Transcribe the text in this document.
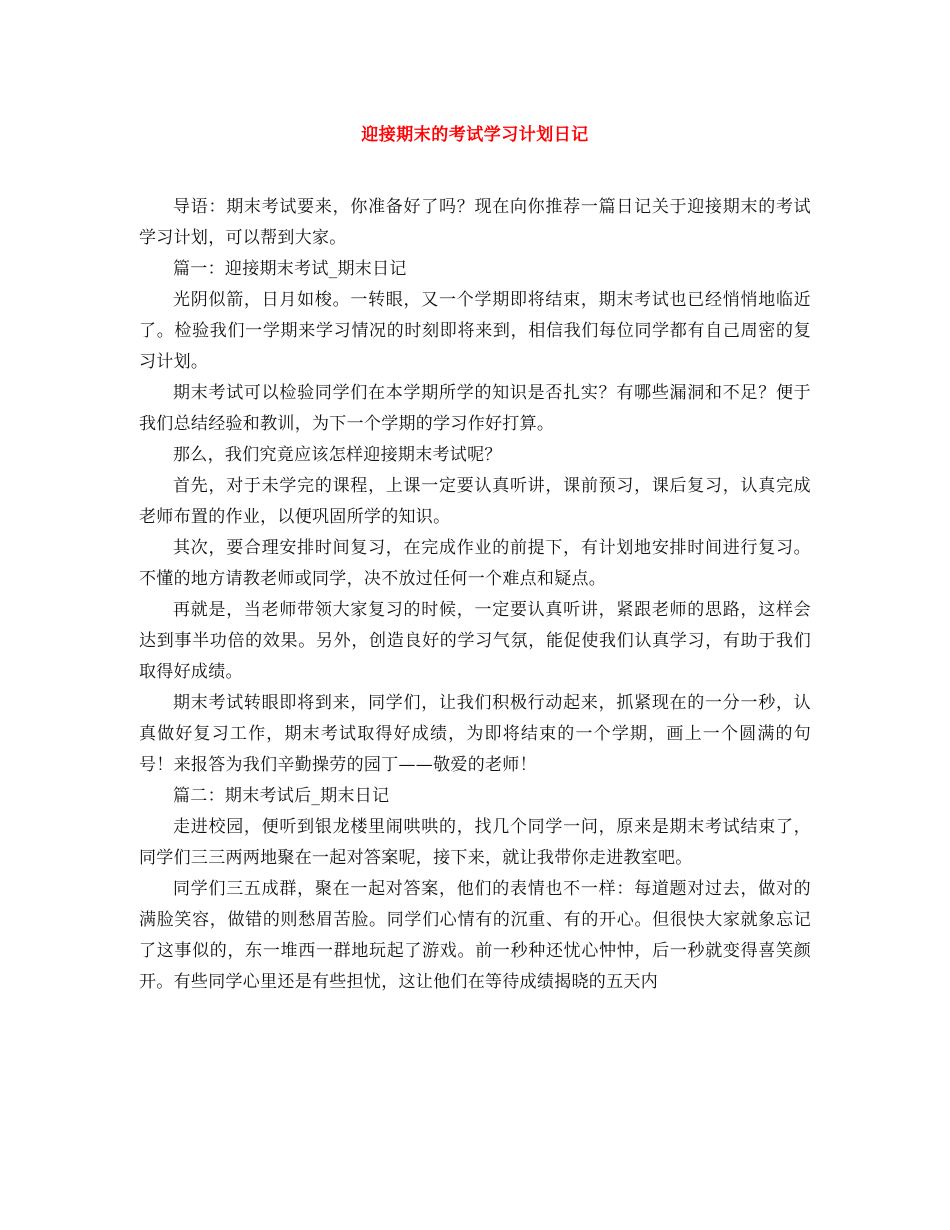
迎接期末的考试学习计划日记

导语：期末考试要来，你准备好了吗？现在向你推荐一篇日记关于迎接期末的考试学习计划，可以帮到大家。

篇一：迎接期末考试_期末日记

光阴似箭，日月如梭。一转眼，又一个学期即将结束，期末考试也已经悄悄地临近了。检验我们一学期来学习情况的时刻即将来到，相信我们每位同学都有自己周密的复习计划。

期末考试可以检验同学们在本学期所学的知识是否扎实？有哪些漏洞和不足？便于我们总结经验和教训，为下一个学期的学习作好打算。

那么，我们究竟应该怎样迎接期末考试呢？

首先，对于未学完的课程，上课一定要认真听讲，课前预习，课后复习，认真完成老师布置的作业，以便巩固所学的知识。

其次，要合理安排时间复习，在完成作业的前提下，有计划地安排时间进行复习。不懂的地方请教老师或同学，决不放过任何一个难点和疑点。

再就是，当老师带领大家复习的时候，一定要认真听讲，紧跟老师的思路，这样会达到事半功倍的效果。另外，创造良好的学习气氛，能促使我们认真学习，有助于我们取得好成绩。

期末考试转眼即将到来，同学们，让我们积极行动起来，抓紧现在的一分一秒，认真做好复习工作，期末考试取得好成绩，为即将结束的一个学期，画上一个圆满的句号！来报答为我们辛勤操劳的园丁——敬爱的老师！

篇二：期末考试后_期末日记

走进校园，便听到银龙楼里闹哄哄的，找几个同学一问，原来是期末考试结束了，同学们三三两两地聚在一起对答案呢，接下来，就让我带你走进教室吧。

同学们三五成群，聚在一起对答案，他们的表情也不一样：每道题对过去，做对的满脸笑容，做错的则愁眉苦脸。同学们心情有的沉重、有的开心。但很快大家就象忘记了这事似的，东一堆西一群地玩起了游戏。前一秒种还忧心忡忡，后一秒就变得喜笑颜开。有些同学心里还是有些担忧，这让他们在等待成绩揭晓的五天内
